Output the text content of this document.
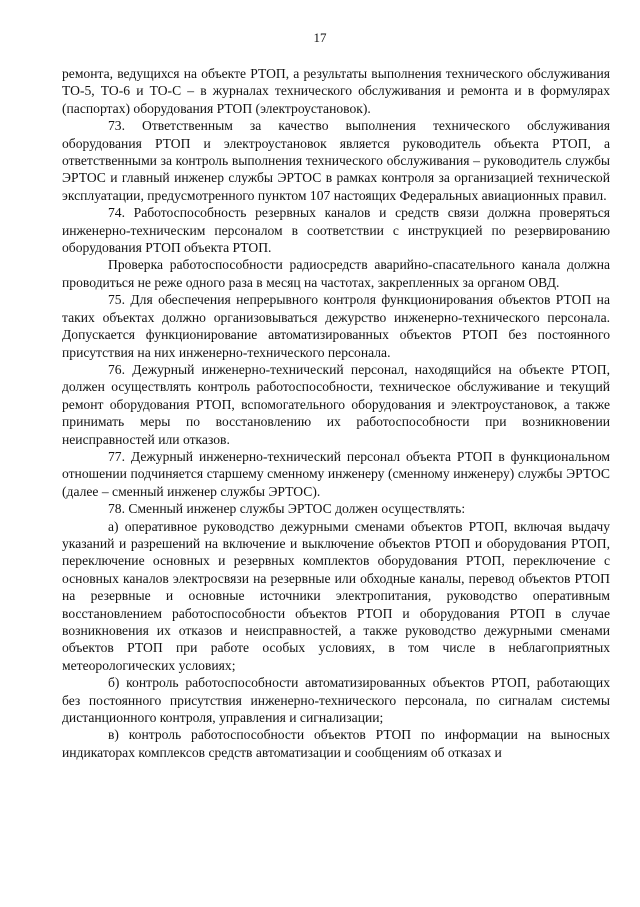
17

ремонта, ведущихся на объекте РТОП, а результаты выполнения технического обслуживания ТО-5, ТО-6 и ТО-С – в журналах технического обслуживания и ремонта и в формулярах (паспортах) оборудования РТОП (электроустановок).

73. Ответственным за качество выполнения технического обслуживания оборудования РТОП и электроустановок является руководитель объекта РТОП, а ответственными за контроль выполнения технического обслуживания – руководитель службы ЭРТОС и главный инженер службы ЭРТОС в рамках контроля за организацией технической эксплуатации, предусмотренного пунктом 107 настоящих Федеральных авиационных правил.

74. Работоспособность резервных каналов и средств связи должна проверяться инженерно-техническим персоналом в соответствии с инструкцией по резервированию оборудования РТОП объекта РТОП.

Проверка работоспособности радиосредств аварийно-спасательного канала должна проводиться не реже одного раза в месяц на частотах, закрепленных за органом ОВД.

75. Для обеспечения непрерывного контроля функционирования объектов РТОП на таких объектах должно организовываться дежурство инженерно-технического персонала. Допускается функционирование автоматизированных объектов РТОП без постоянного присутствия на них инженерно-технического персонала.

76. Дежурный инженерно-технический персонал, находящийся на объекте РТОП, должен осуществлять контроль работоспособности, техническое обслуживание и текущий ремонт оборудования РТОП, вспомогательного оборудования и электроустановок, а также принимать меры по восстановлению их работоспособности при возникновении неисправностей или отказов.

77. Дежурный инженерно-технический персонал объекта РТОП в функциональном отношении подчиняется старшему сменному инженеру (сменному инженеру) службы ЭРТОС (далее – сменный инженер службы ЭРТОС).

78. Сменный инженер службы ЭРТОС должен осуществлять:

а) оперативное руководство дежурными сменами объектов РТОП, включая выдачу указаний и разрешений на включение и выключение объектов РТОП и оборудования РТОП, переключение основных и резервных комплектов оборудования РТОП, переключение с основных каналов электросвязи на резервные или обходные каналы, перевод объектов РТОП на резервные и основные источники электропитания, руководство оперативным восстановлением работоспособности объектов РТОП и оборудования РТОП в случае возникновения их отказов и неисправностей, а также руководство дежурными сменами объектов РТОП при работе особых условиях, в том числе в неблагоприятных метеорологических условиях;

б) контроль работоспособности автоматизированных объектов РТОП, работающих без постоянного присутствия инженерно-технического персонала, по сигналам системы дистанционного контроля, управления и сигнализации;

в) контроль работоспособности объектов РТОП по информации на выносных индикаторах комплексов средств автоматизации и сообщениям об отказах и
